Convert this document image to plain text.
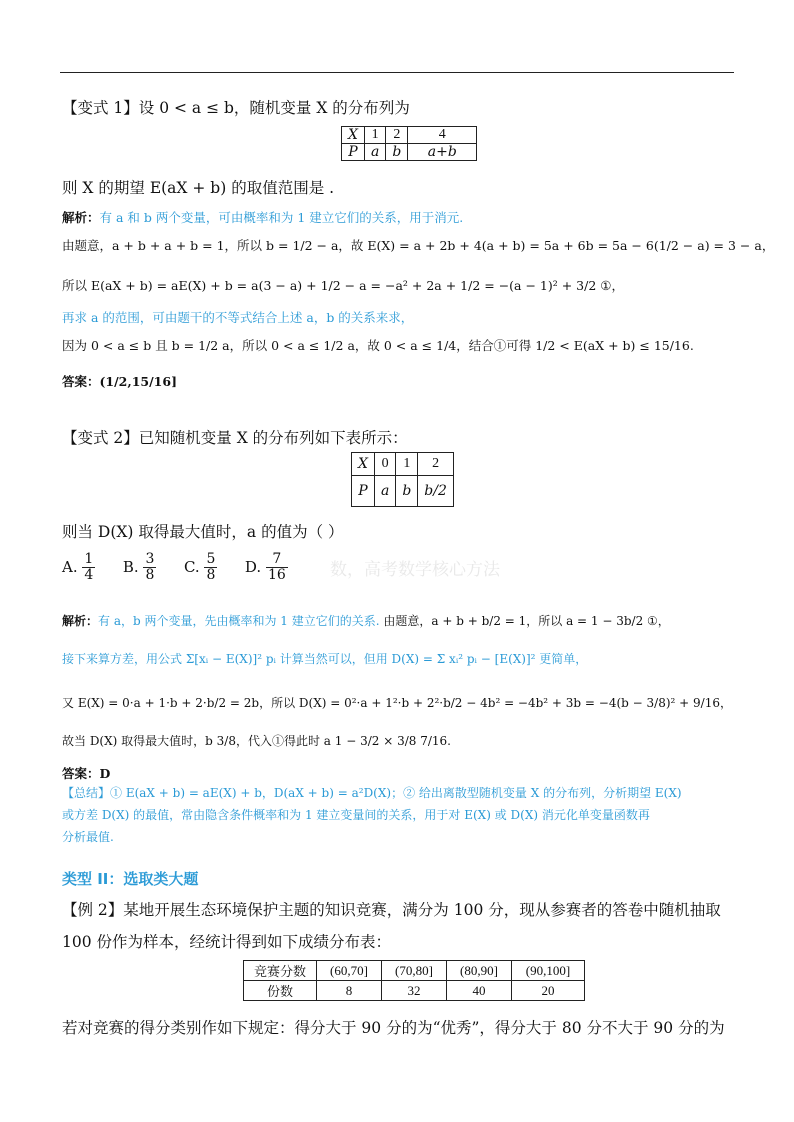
【变式 1】设 0 < a ≤ b，随机变量 X 的分布列为
X	1	2	4
P	a	b	a+b
则 X 的期望 E(aX + b) 的取值范围是 .
解析：有 a 和 b 两个变量，可由概率和为 1 建立它们的关系，用于消元.
由题意，a + b + a + b = 1，所以 b = 1/2 − a，故 E(X) = a + 2b + 4(a + b) = 5a + 6b = 5a − 6(1/2 − a) = 3 − a，
所以 E(aX + b) = aE(X) + b = a(3 − a) + 1/2 − a = −a² + 2a + 1/2 = −(a − 1)² + 3/2 ①，
再求 a 的范围，可由题干的不等式结合上述 a，b 的关系来求，
因为 0 < a ≤ b 且 b = 1/2 a，所以 0 < a ≤ 1/2 a，故 0 < a ≤ 1/4，结合①可得 1/2 < E(aX + b) ≤ 15/16.
答案：(1/2,15/16]
【变式 2】已知随机变量 X 的分布列如下表所示：
X	0	1	2
P	a	b	b/2
则当 D(X) 取得最大值时，a 的值为（ ）
A. $\frac{1}{4} B$. $\frac{3}{8} C$. $\frac{5}{8} D$. $\frac{7}{16}$ 数，高考数学核心方法
解析：有 a，b 两个变量，先由概率和为 1 建立它们的关系. 由题意，a + b + b/2 = 1，所以 a = 1 − 3b/2 ①，
接下来算方差，用公式 Σ[xᵢ − E(X)]² pᵢ 计算当然可以，但用 D(X) = Σ xᵢ² pᵢ − [E(X)]² 更简单，
又 E(X) = 0·a + 1·b + 2·b/2 = 2b，所以 D(X) = 0²·a + 1²·b + 2²·b/2 − 4b² = −4b² + 3b = −4(b − 3/8)² + 9/16，
故当 D(X) 取得最大值时，b 3/8，代入①得此时 a 1 − 3/2 × 3/8 7/16.
答案：D
【总结】① E(aX + b) = aE(X) + b，D(aX + b) = a²D(X)；② 给出离散型随机变量 X 的分布列，分析期望 E(X)
或方差 D(X) 的最值，常由隐含条件概率和为 1 建立变量间的关系，用于对 E(X) 或 D(X) 消元化单变量函数再
分析最值.
类型 II：选取类大题
【例 2】某地开展生态环境保护主题的知识竞赛，满分为 100 分，现从参赛者的答卷中随机抽取
100 份作为样本，经统计得到如下成绩分布表：
竞赛分数	(60,70]	(70,80]	(80,90]	(90,100]
份数	8	32	40	20
若对竞赛的得分类别作如下规定：得分大于 90 分的为“优秀”，得分大于 80 分不大于 90 分的为
